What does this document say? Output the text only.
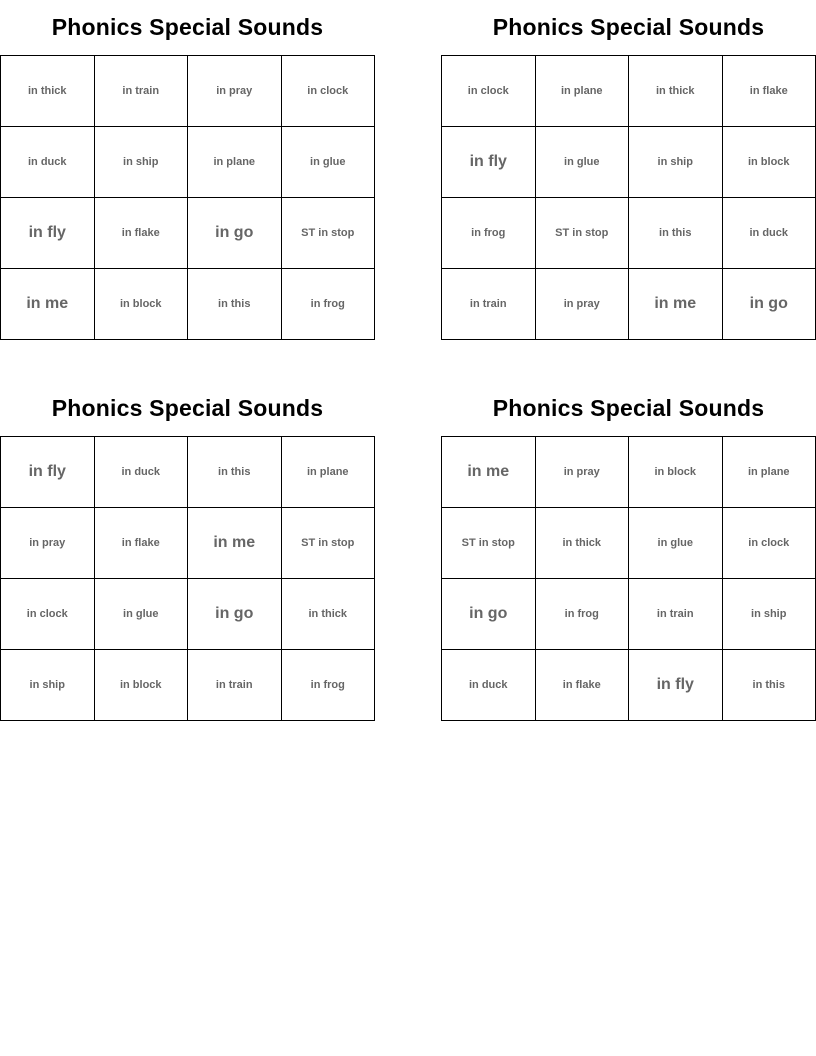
Phonics Special Sounds
in thick	in train	in pray	in clock
in duck	in ship	in plane	in glue
in fly	in flake	in go	ST in stop
in me	in block	in this	in frog
Phonics Special Sounds
in clock	in plane	in thick	in flake
in fly	in glue	in ship	in block
in frog	ST in stop	in this	in duck
in train	in pray	in me	in go
Phonics Special Sounds
in fly	in duck	in this	in plane
in pray	in flake	in me	ST in stop
in clock	in glue	in go	in thick
in ship	in block	in train	in frog
Phonics Special Sounds
in me	in pray	in block	in plane
ST in stop	in thick	in glue	in clock
in go	in frog	in train	in ship
in duck	in flake	in fly	in this
